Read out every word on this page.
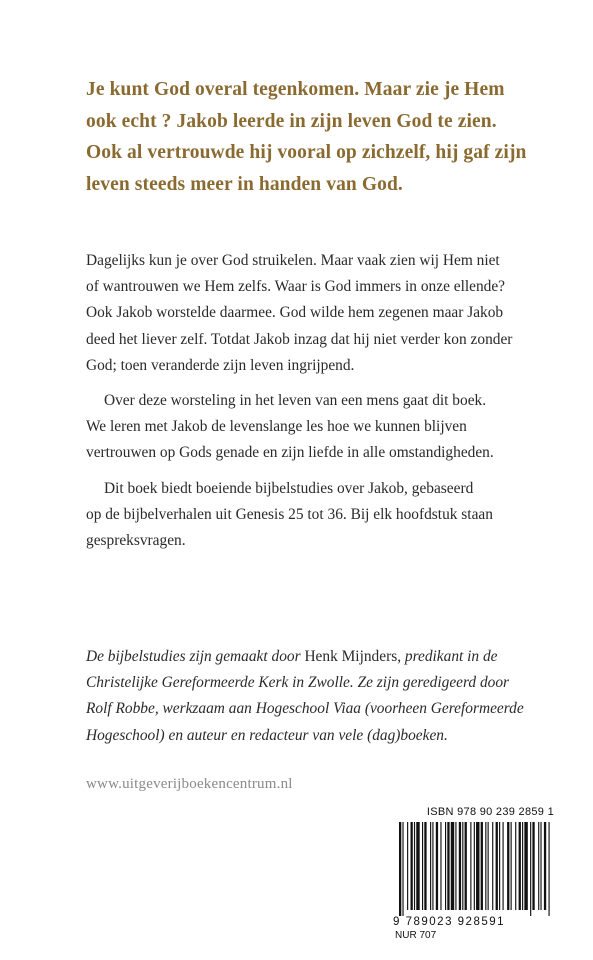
Je kunt God overal tegenkomen. Maar zie je Hem

ook echt ? Jakob leerde in zijn leven God te zien.

Ook al vertrouwde hij vooral op zichzelf, hij gaf zijn

leven steeds meer in handen van God.

Dagelijks kun je over God struikelen. Maar vaak zien wij Hem niet

of wantrouwen we Hem zelfs. Waar is God immers in onze ellende?

Ook Jakob worstelde daarmee. God wilde hem zegenen maar Jakob

deed het liever zelf. Totdat Jakob inzag dat hij niet verder kon zonder

God; toen veranderde zijn leven ingrijpend.

Over deze worsteling in het leven van een mens gaat dit boek.

We leren met Jakob de levenslange les hoe we kunnen blijven

vertrouwen op Gods genade en zijn liefde in alle omstandigheden.

Dit boek biedt boeiende bijbelstudies over Jakob, gebaseerd

op de bijbelverhalen uit Genesis 25 tot 36. Bij elk hoofdstuk staan

gespreksvragen.

De bijbelstudies zijn gemaakt door Henk Mijnders, predikant in de
Christelijke Gereformeerde Kerk in Zwolle. Ze zijn geredigeerd door
Rolf Robbe, werkzaam aan Hogeschool Viaa (voorheen Gereformeerde
Hogeschool) en auteur en redacteur van vele (dag)boeken.
www.uitgeverijboekencentrum.nl
ISBN 978 90 239 2859 1
9 789023 928591
NUR 707
